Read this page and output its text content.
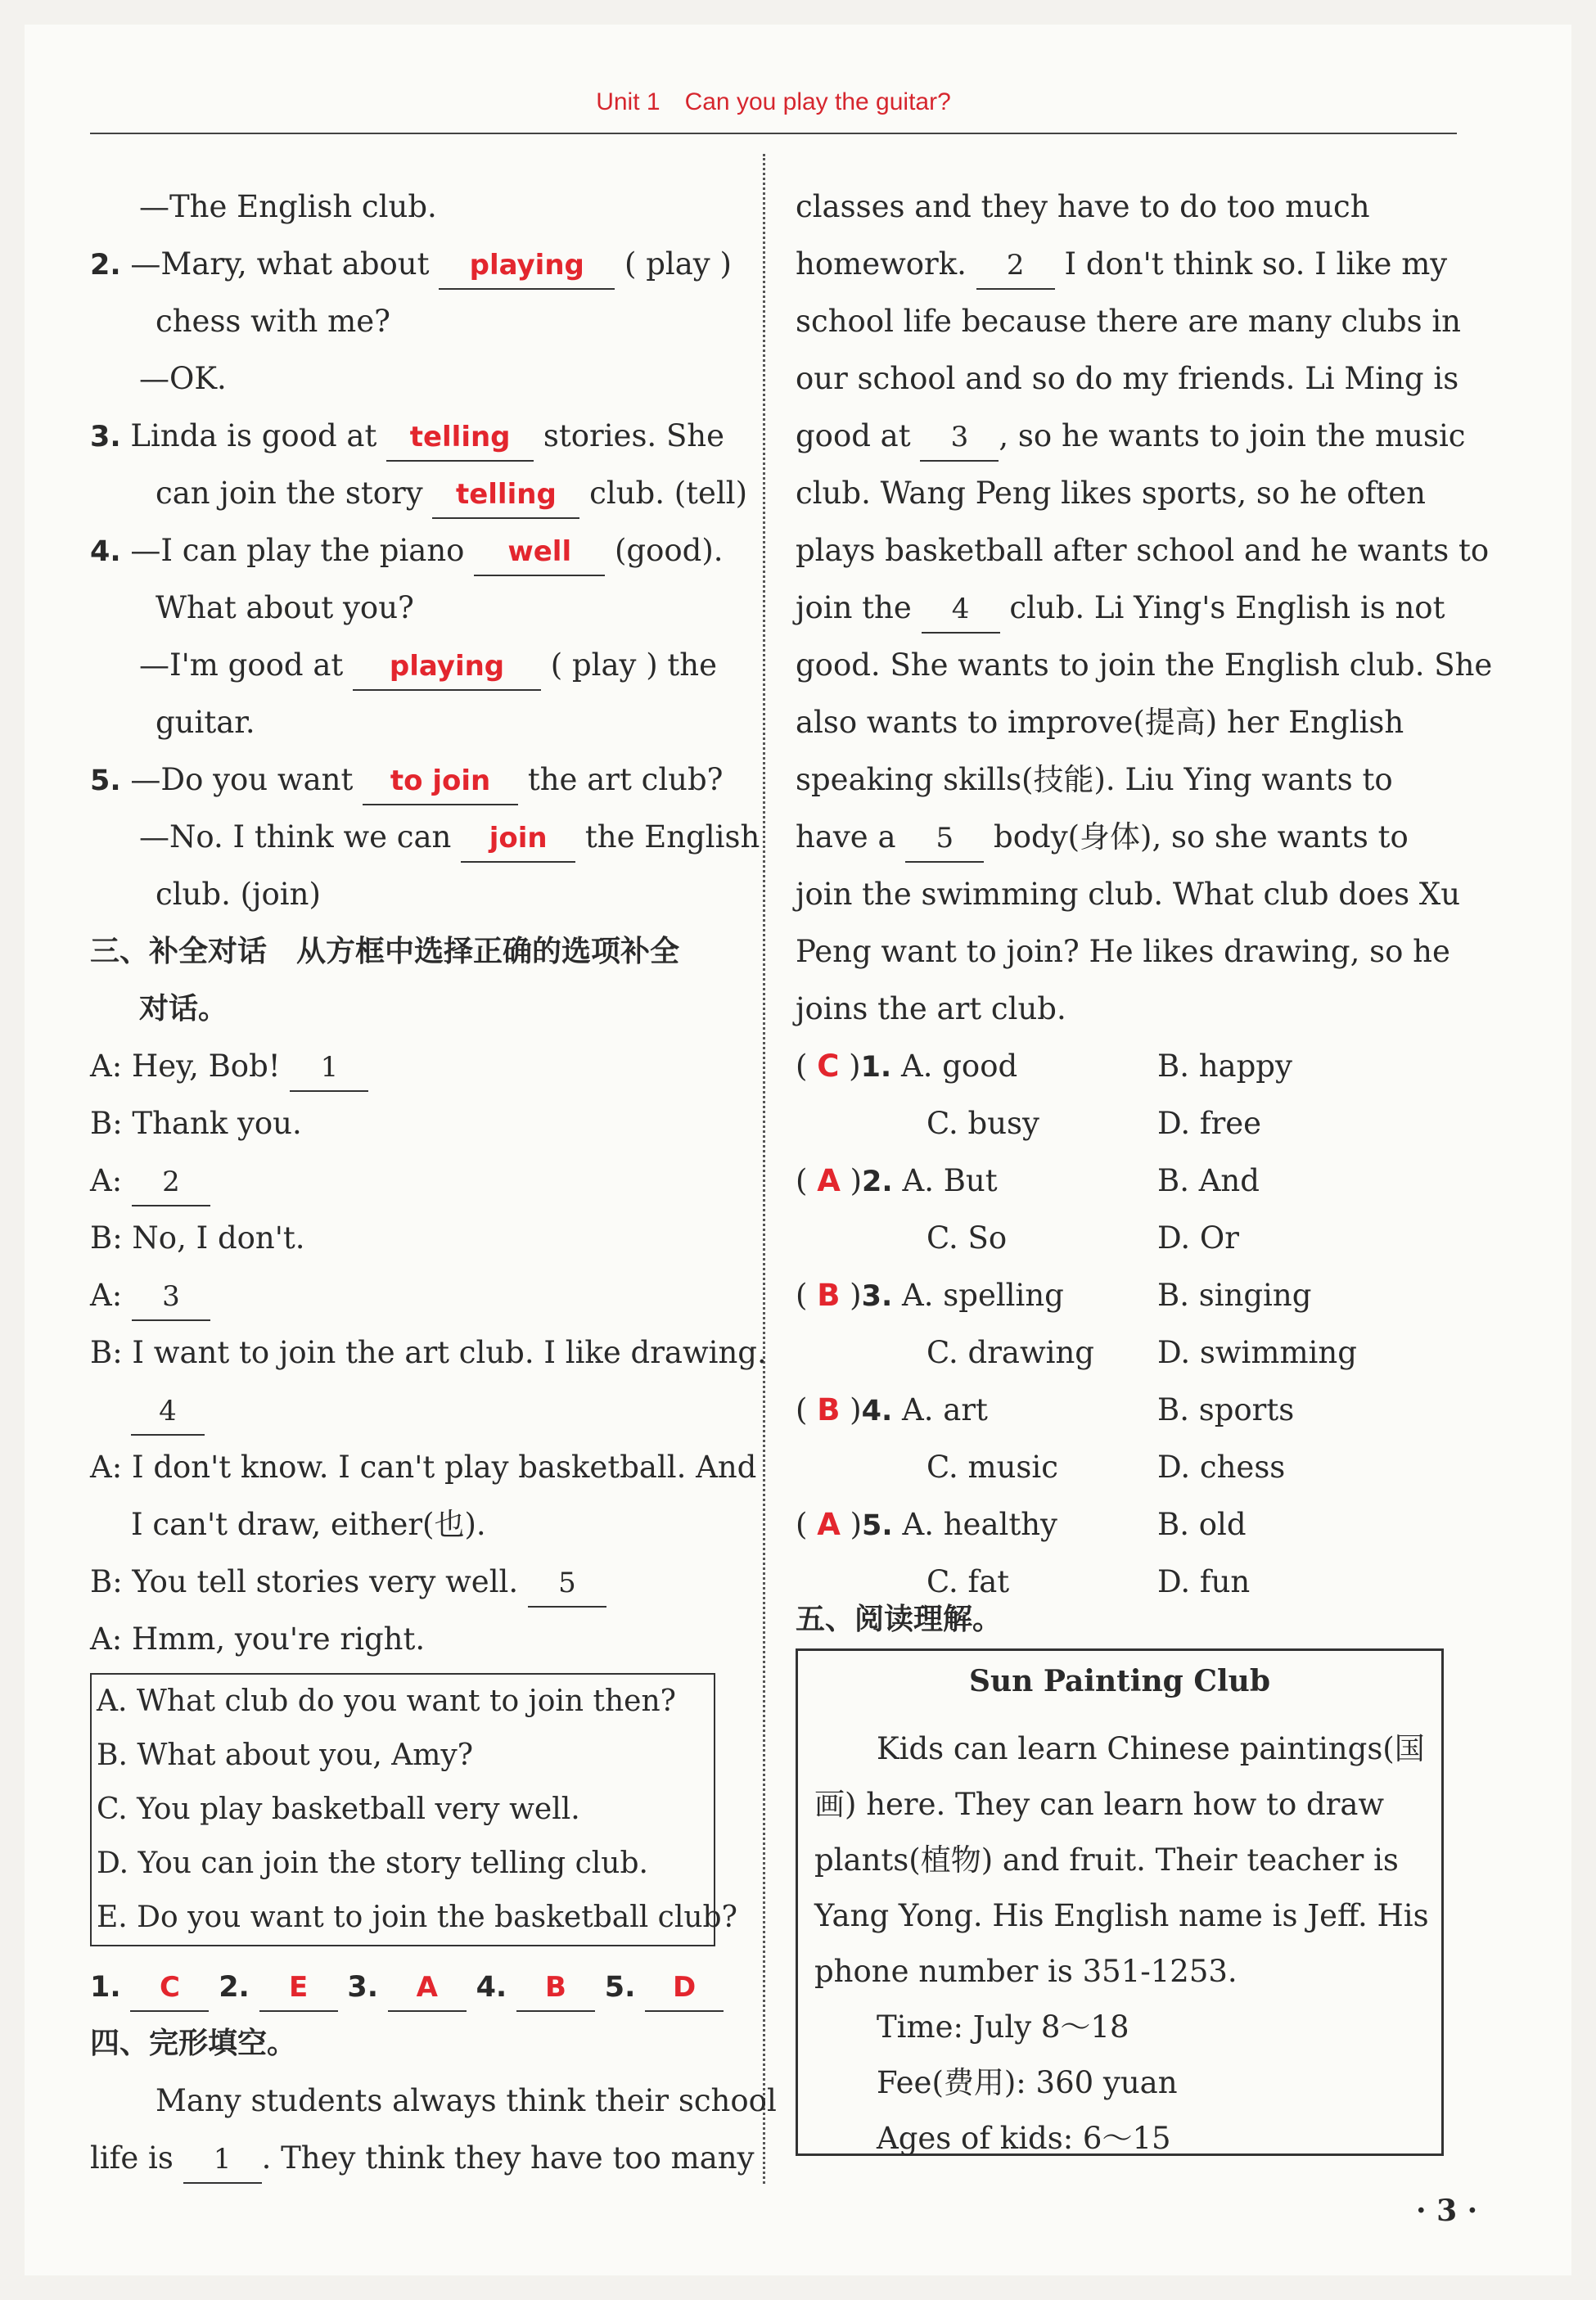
Unit 1 Can you play the guitar?
—The English club.
2. —Mary, what about playing ( play )
chess with me?
—OK.
3. Linda is good at telling stories. She
can join the story telling club. (tell)
4. —I can play the piano well (good).
What about you?
—I'm good at playing ( play ) the
guitar.
5. —Do you want to join the art club?
—No. I think we can join the English
club. (join)
三、补全对话　从方框中选择正确的选项补全
对话。
A: Hey, Bob! 1
B: Thank you.
A: 2
B: No, I don't.
A: 3
B: I want to join the art club. I like drawing.
4
A: I don't know. I can't play basketball. And
I can't draw, either(也).
B: You tell stories very well. 5
A: Hmm, you're right.
A. What club do you want to join then?
B. What about you, Amy?
C. You play basketball very well.
D. You can join the story telling club.
E. Do you want to join the basketball club?
1. C 2. E 3. A 4. B 5. D
四、完形填空。
Many students always think their school
life is 1 . They think they have too many
classes and they have to do too much
homework. 2 I don't think so. I like my
school life because there are many clubs in
our school and so do my friends. Li Ming is
good at 3 , so he wants to join the music
club. Wang Peng likes sports, so he often
plays basketball after school and he wants to
join the 4 club. Li Ying's English is not
good. She wants to join the English club. She
also wants to improve(提高) her English
speaking skills(技能). Liu Ying wants to
have a 5 body(身体), so she wants to
join the swimming club. What club does Xu
Peng want to join? He likes drawing, so he
joins the art club.
( C )1. A. good	B. happy
C. busy	D. free
( A )2. A. But	B. And
C. So	D. Or
( B )3. A. spelling	B. singing
C. drawing D. swimming
( B )4. A. art	B. sports
C. music	D. chess
( A )5. A. healthy	B. old
C. fat	D. fun
五、阅读理解。
Sun Painting Club
Kids can learn Chinese paintings(国
画) here. They can learn how to draw
plants(植物) and fruit. Their teacher is
Yang Yong. His English name is Jeff. His
phone number is 351-1253.
Time: July 8～18
Fee(费用): 360 yuan
Ages of kids: 6～15
· 3 ·
